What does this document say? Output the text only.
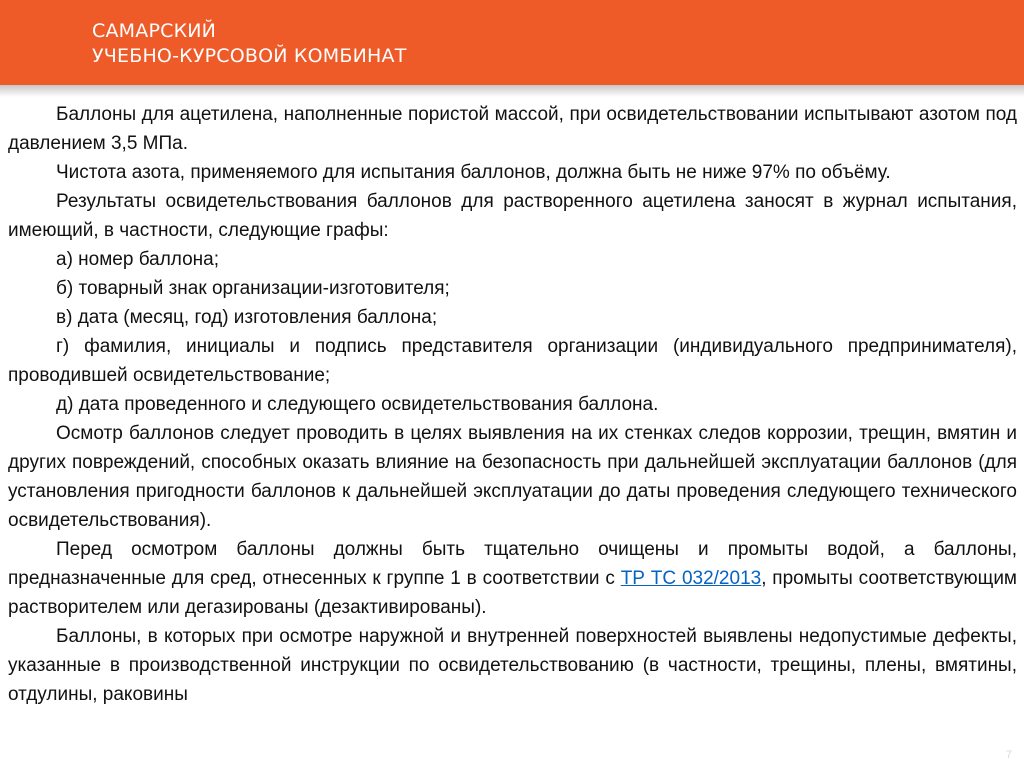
САМАРСКИЙ
УЧЕБНО-КУРСОВОЙ КОМБИНАТ

Баллоны для ацетилена, наполненные пористой массой, при освидетельствовании испытывают азотом под давлением 3,5 МПа.

Чистота азота, применяемого для испытания баллонов, должна быть не ниже 97% по объёму.

Результаты освидетельствования баллонов для растворенного ацетилена заносят в журнал испытания, имеющий, в частности, следующие графы:

а) номер баллона;

б) товарный знак организации-изготовителя;

в) дата (месяц, год) изготовления баллона;

г) фамилия, инициалы и подпись представителя организации (индивидуального предпринимателя), проводившей освидетельствование;

д) дата проведенного и следующего освидетельствования баллона.

Осмотр баллонов следует проводить в целях выявления на их стенках следов коррозии, трещин, вмятин и других повреждений, способных оказать влияние на безопасность при дальнейшей эксплуатации баллонов (для установления пригодности баллонов к дальнейшей эксплуатации до даты проведения следующего технического освидетельствования).

Перед осмотром баллоны должны быть тщательно очищены и промыты водой, а баллоны, предназначенные для сред, отнесенных к группе 1 в соответствии с ТР ТС 032/2013, промыты соответствующим растворителем или дегазированы (дезактивированы).

Баллоны, в которых при осмотре наружной и внутренней поверхностей выявлены недопустимые дефекты, указанные в производственной инструкции по освидетельствованию (в частности, трещины, плены, вмятины, отдулины, раковины

7
